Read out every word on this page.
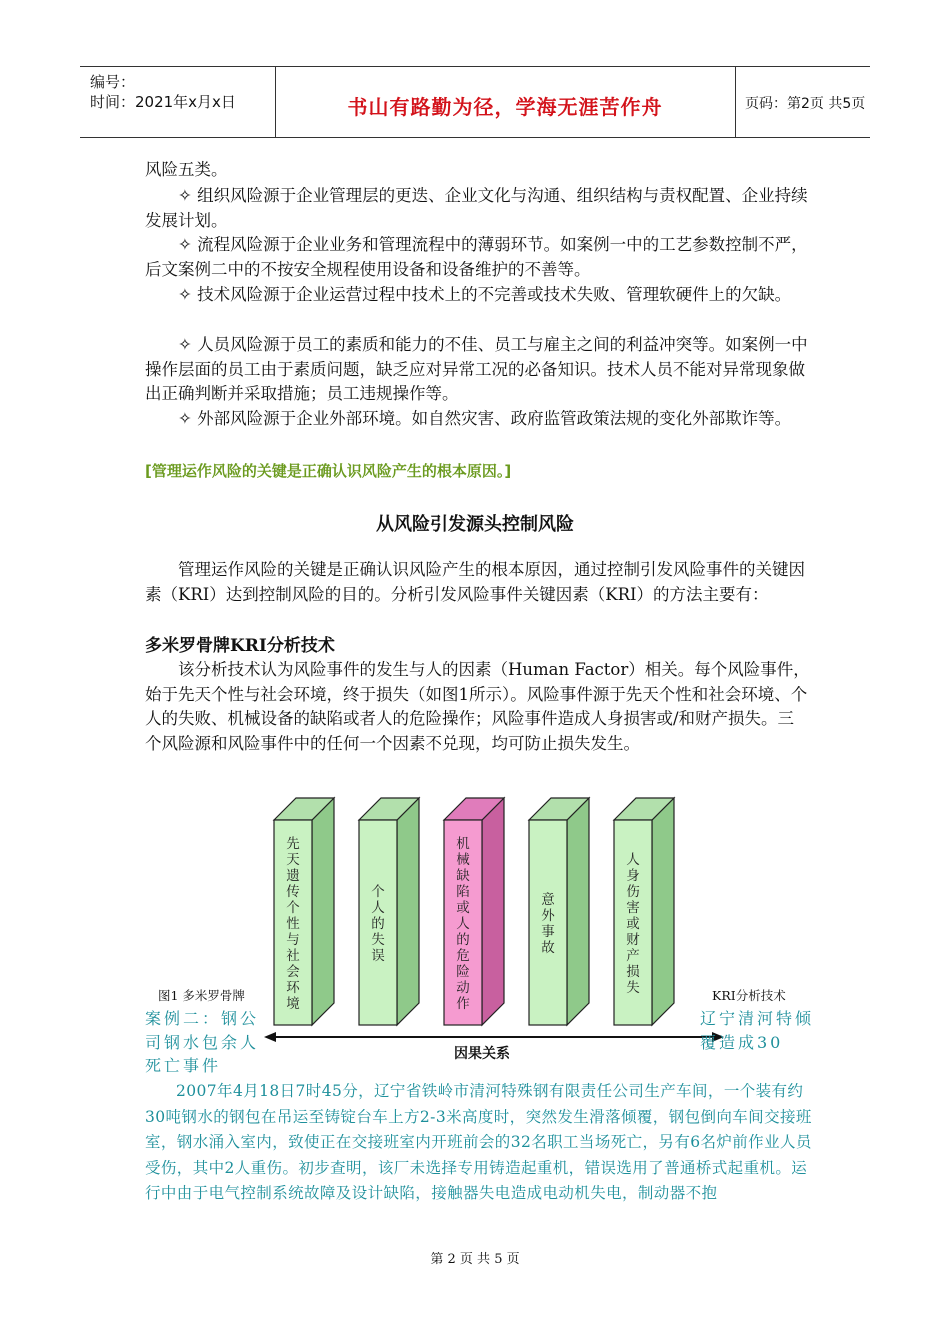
编号：
时间：2021年x月x日	书山有路勤为径，学海无涯苦作舟	页码：第2页 共5页

风险五类。

✧ 组织风险源于企业管理层的更迭、企业文化与沟通、组织结构与责权配置、企业持续发展计划。

✧ 流程风险源于企业业务和管理流程中的薄弱环节。如案例一中的工艺参数控制不严，后文案例二中的不按安全规程使用设备和设备维护的不善等。

✧ 技术风险源于企业运营过程中技术上的不完善或技术失败、管理软硬件上的欠缺。

✧ 人员风险源于员工的素质和能力的不佳、员工与雇主之间的利益冲突等。如案例一中操作层面的员工由于素质问题，缺乏应对异常工况的必备知识。技术人员不能对异常现象做出正确判断并采取措施；员工违规操作等。

✧ 外部风险源于企业外部环境。如自然灾害、政府监管政策法规的变化外部欺诈等。

[管理运作风险的关键是正确认识风险产生的根本原因。]

从风险引发源头控制风险

管理运作风险的关键是正确认识风险产生的根本原因，通过控制引发风险事件的关键因素（KRI）达到控制风险的目的。分析引发风险事件关键因素（KRI）的方法主要有：

多米罗骨牌KRI分析技术

该分析技术认为风险事件的发生与人的因素（Human Factor）相关。每个风险事件，始于先天个性与社会环境，终于损失（如图1所示）。风险事件源于先天个性和社会环境、个人的失败、机械设备的缺陷或者人的危险操作；风险事件造成人身损害或/和财产损失。三个风险源和风险事件中的任何一个因素不兑现，均可防止损失发生。

先天遗传个性与社会环境
个人的失误
机械缺陷或人的危险动作
意外事故
人身伤害或财产损失
因果关系
图1 多米罗骨牌	KRI分析技术
案例二：钢公司钢水包余人死亡事件
辽宁清河特倾覆造成30

2007年4月18日7时45分，辽宁省铁岭市清河特殊钢有限责任公司生产车间，一个装有约30吨钢水的钢包在吊运至铸锭台车上方2-3米高度时，突然发生滑落倾覆，钢包倒向车间交接班室，钢水涌入室内，致使正在交接班室内开班前会的32名职工当场死亡，另有6名炉前作业人员受伤，其中2人重伤。初步查明，该厂未选择专用铸造起重机，错误选用了普通桥式起重机。运行中由于电气控制系统故障及设计缺陷，接触器失电造成电动机失电，制动器不抱

第 2 页 共 5 页
